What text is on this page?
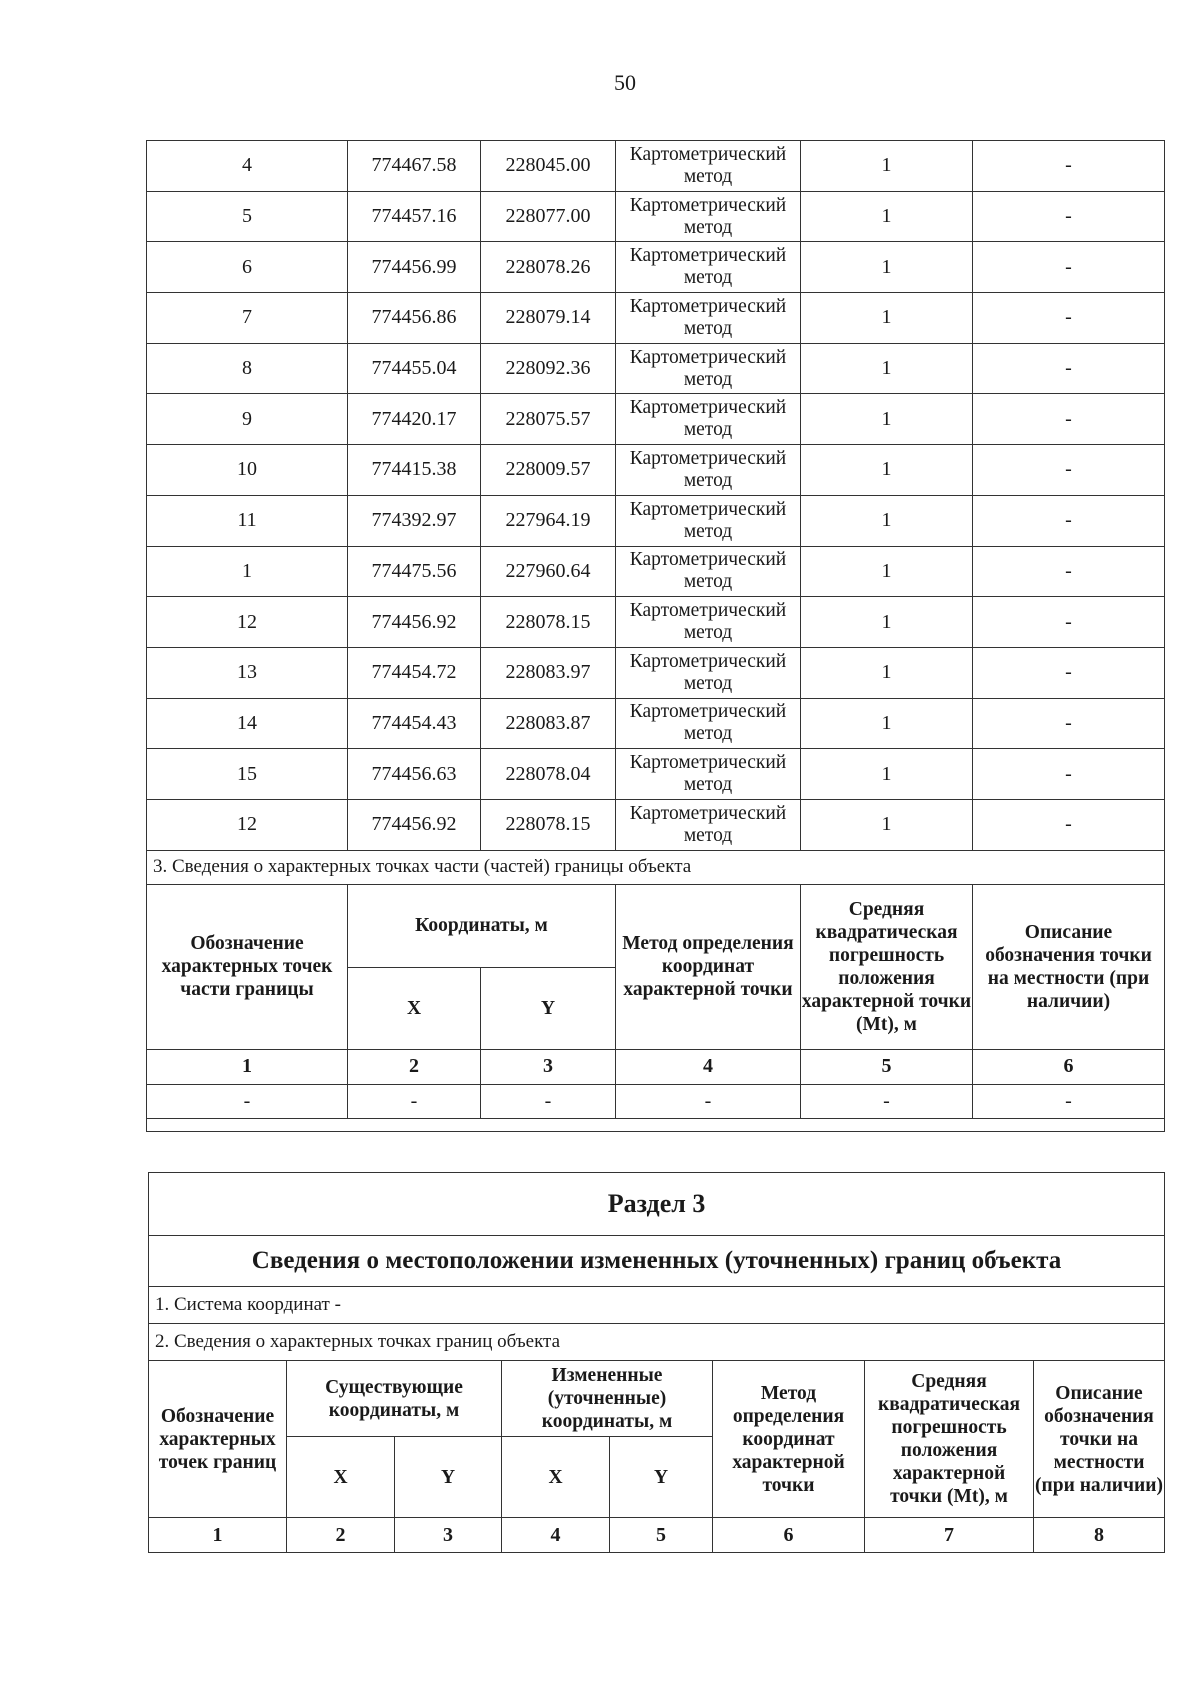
50
4	774467.58	228045.00	Картометрический метод	1	-
5	774457.16	228077.00	Картометрический метод	1	-
6	774456.99	228078.26	Картометрический метод	1	-
7	774456.86	228079.14	Картометрический метод	1	-
8	774455.04	228092.36	Картометрический метод	1	-
9	774420.17	228075.57	Картометрический метод	1	-
10	774415.38	228009.57	Картометрический метод	1	-
11	774392.97	227964.19	Картометрический метод	1	-
1	774475.56	227960.64	Картометрический метод	1	-
12	774456.92	228078.15	Картометрический метод	1	-
13	774454.72	228083.97	Картометрический метод	1	-
14	774454.43	228083.87	Картометрический метод	1	-
15	774456.63	228078.04	Картометрический метод	1	-
12	774456.92	228078.15	Картометрический метод	1	-
3. Сведения о характерных точках части (частей) границы объекта					
Обозначение характерных точек части границы	Координаты, м		Метод определения координат характерной точки	Средняя квадратическая погрешность положения характерной точки (Mt), м	Описание обозначения точки на местности (при наличии)
	X	Y			
1	2	3	4	5	6
-	-	-	-	-	-

Раздел 3							
Сведения о местоположении измененных (уточненных) границ объекта							
1. Система координат -							
2. Сведения о характерных точках границ объекта							
Обозначение характерных точек границ	Существующие координаты, м		Измененные (уточненные) координаты, м		Метод определения координат характерной точки	Средняя квадратическая погрешность положения характерной точки (Mt), м	Описание обозначения точки на местности (при наличии)
	X	Y	X	Y			
1	2	3	4	5	6	7	8
